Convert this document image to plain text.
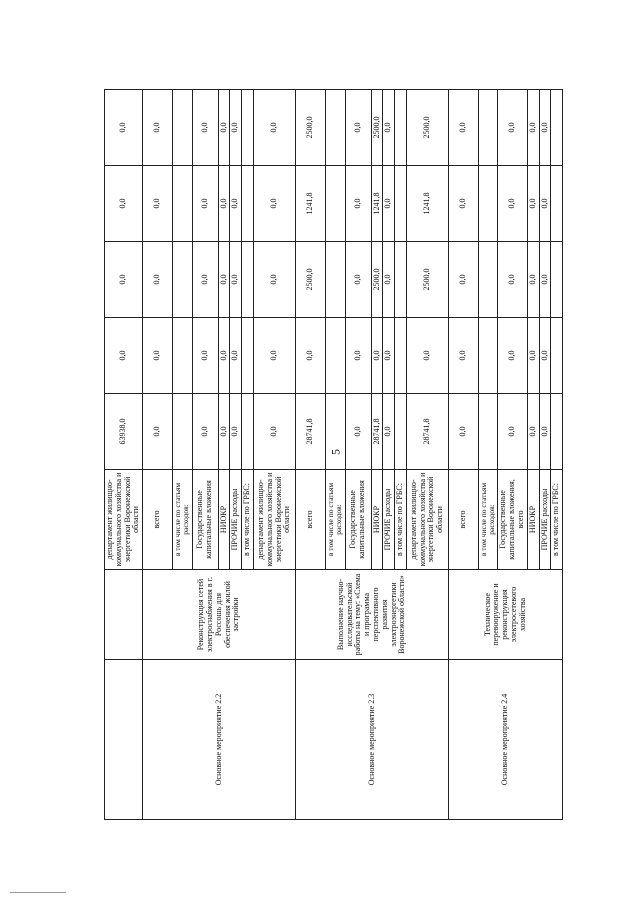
5
		департамент жилищно-коммунального хозяйства и энергетики Воронежской области	63938,0	0,0	0,0	0,0	0,0
Основное мероприятие 2.2	Реконструкция сетей электроснабжения в г. Россошь для обеспечения жилой застройки	всего	0,0	0,0	0,0	0,0	0,0
		в том числе по статьям расходов:					
		Государственные капитальные вложения	0,0	0,0	0,0	0,0	0,0
		НИОКР	0,0	0,0	0,0	0,0	0,0
		ПРОЧИЕ расходы	0,0	0,0	0,0	0,0	0,0
		в том числе по ГРБС:					
		департамент жилищно-коммунального хозяйства и энергетики Воронежской области	0,0	0,0	0,0	0,0	0,0
Основное мероприятие 2.3	Выполнение научно-исследовательской работы на тему: «Схема и программа перспективного развития электроэнергетики Воронежской области»	всего	28741,8	0,0	2500,0	1241,8	2500,0
		в том числе по статьям расходов:					
		Государственные капитальные вложения	0,0	0,0	0,0	0,0	0,0
		НИОКР	28741,8	0,0	2500,0	1241,8	2500,0
		ПРОЧИЕ расходы	0,0	0,0	0,0	0,0	0,0
		в том числе по ГРБС:					
		департамент жилищно-коммунального хозяйства и энергетики Воронежской области	28741,8	0,0	2500,0	1241,8	2500,0
Основное мероприятие 2.4	Техническое перевооружение и реконструкция электросетевого хозяйства	всего	0,0	0,0	0,0	0,0	0,0
		в том числе по статьям расходов:					
		Государственные капитальные вложения, всего	0,0	0,0	0,0	0,0	0,0
		НИОКР	0,0	0,0	0,0	0,0	0,0
		ПРОЧИЕ расходы	0,0	0,0	0,0	0,0	0,0
		в том числе по ГРБС:					
